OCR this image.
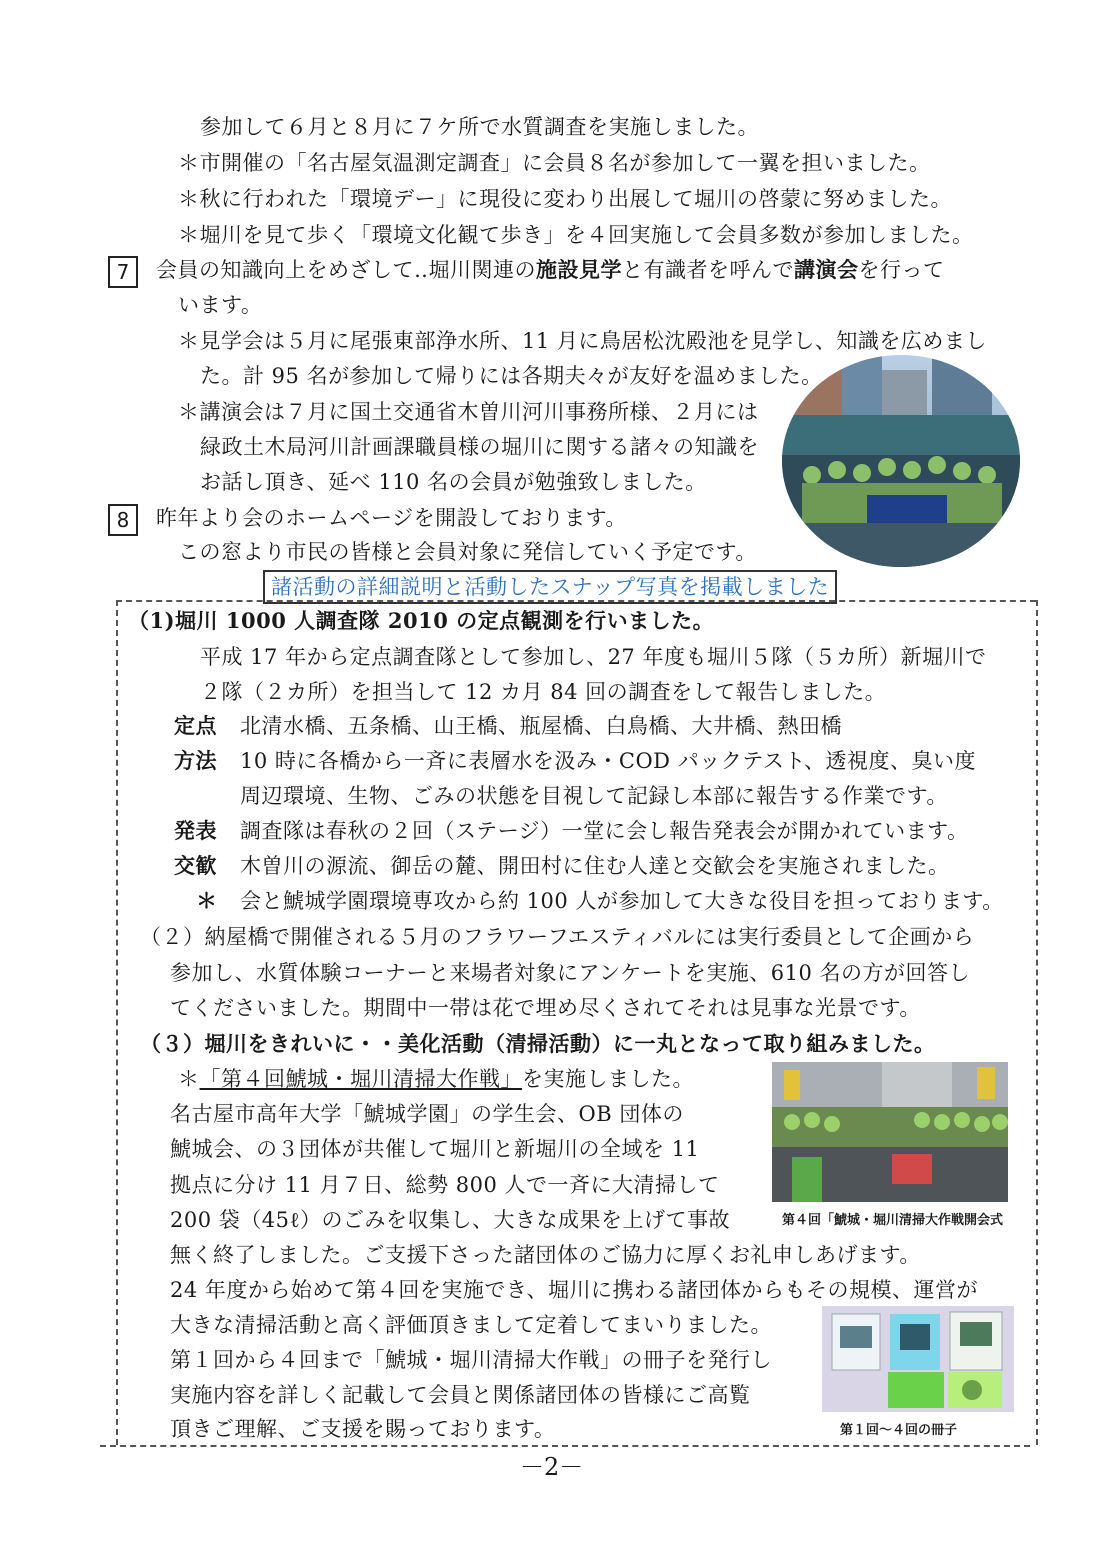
参加して６月と８月に７ケ所で水質調査を実施しました。
＊市開催の「名古屋気温測定調査」に会員８名が参加して一翼を担いました。
＊秋に行われた「環境デー」に現役に変わり出展して堀川の啓蒙に努めました。
＊堀川を見て歩く「環境文化観て歩き」を４回実施して会員多数が参加しました。
7	会員の知識向上をめざして‥堀川関連の施設見学と有識者を呼んで講演会を行って
います。
＊見学会は５月に尾張東部浄水所、11 月に鳥居松沈殿池を見学し、知識を広めまし
た。計 95 名が参加して帰りには各期夫々が友好を温めました。
＊講演会は７月に国土交通省木曽川河川事務所様、２月には
緑政土木局河川計画課職員様の堀川に関する諸々の知識を
お話し頂き、延べ 110 名の会員が勉強致しました。
8	昨年より会のホームページを開設しております。
この窓より市民の皆様と会員対象に発信していく予定です。
諸活動の詳細説明と活動したスナップ写真を掲載しました
（1)堀川 1000 人調査隊 2010 の定点観測を行いました。
平成 17 年から定点調査隊として参加し、27 年度も堀川５隊（５カ所）新堀川で
２隊（２カ所）を担当して 12 カ月 84 回の調査をして報告しました。
定点 北清水橋、五条橋、山王橋、瓶屋橋、白鳥橋、大井橋、熱田橋
方法 10 時に各橋から一斉に表層水を汲み・COD パックテスト、透視度、臭い度
周辺環境、生物、ごみの状態を目視して記録し本部に報告する作業です。
発表 調査隊は春秋の２回（ステージ）一堂に会し報告発表会が開かれています。
交歓 木曽川の源流、御岳の麓、開田村に住む人達と交歓会を実施されました。
＊ 会と鯱城学園環境専攻から約 100 人が参加して大きな役目を担っております。
（２）納屋橋で開催される５月のフラワーフエスティバルには実行委員として企画から
参加し、水質体験コーナーと来場者対象にアンケートを実施、610 名の方が回答し
てくださいました。期間中一帯は花で埋め尽くされてそれは見事な光景です。
（３）堀川をきれいに・・美化活動（清掃活動）に一丸となって取り組みました。
＊「第４回鯱城・堀川清掃大作戦」を実施しました。
名古屋市高年大学「鯱城学園」の学生会、OB 団体の
鯱城会、の３団体が共催して堀川と新堀川の全域を 11
拠点に分け 11 月７日、総勢 800 人で一斉に大清掃して
200 袋（45ℓ）のごみを収集し、大きな成果を上げて事故
無く終了しました。ご支援下さった諸団体のご協力に厚くお礼申しあげます。
24 年度から始めて第４回を実施でき、堀川に携わる諸団体からもその規模、運営が
大きな清掃活動と高く評価頂きまして定着してまいりました。
第１回から４回まで「鯱城・堀川清掃大作戦」の冊子を発行し
実施内容を詳しく記載して会員と関係諸団体の皆様にご高覧
頂きご理解、ご支援を賜っております。
第４回「鯱城・堀川清掃大作戦開会式
第１回～４回の冊子
－2－
